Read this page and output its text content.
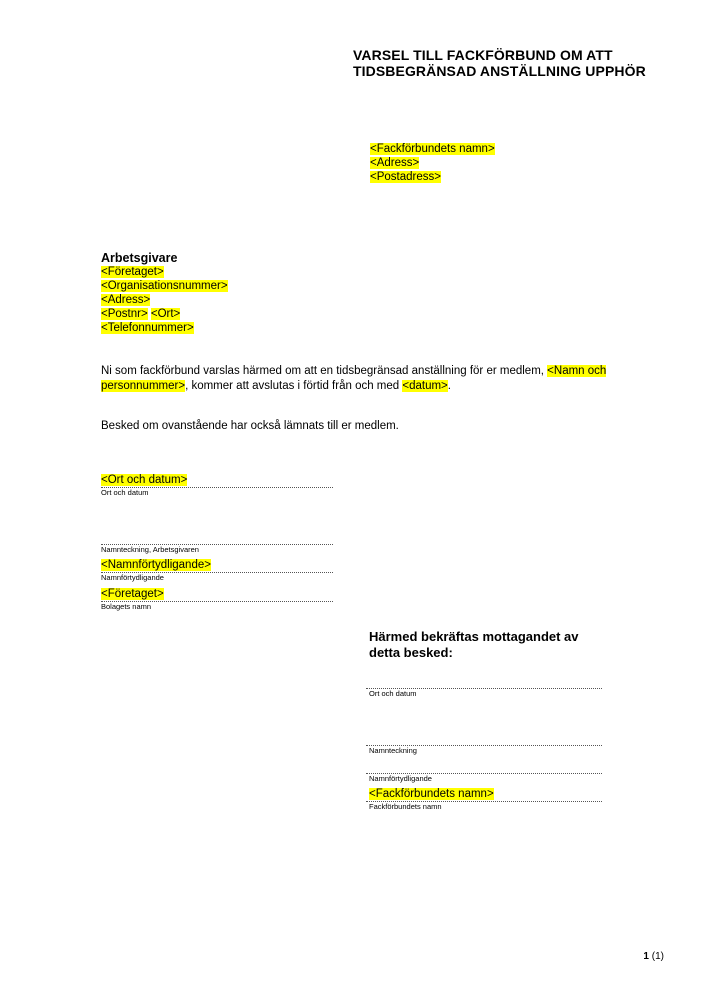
VARSEL TILL FACKFÖRBUND OM ATT
TIDSBEGRÄNSAD ANSTÄLLNING UPPHÖR
<Fackförbundets namn>
<Adress>
<Postadress>
Arbetsgivare
<Företaget>
<Organisationsnummer>
<Adress>
<Postnr> <Ort>
<Telefonnummer>
Ni som fackförbund varslas härmed om att en tidsbegränsad anställning för er medlem, <Namn och personnummer>, kommer att avslutas i förtid från och med <datum>.
Besked om ovanstående har också lämnats till er medlem.
<Ort och datum>
Ort och datum
Namnteckning, Arbetsgivaren
<Namnförtydligande>
Namnförtydligande
<Företaget>
Bolagets namn
Härmed bekräftas mottagandet av
detta besked:
Ort och datum
Namnteckning
Namnförtydligande
<Fackförbundets namn>
Fackförbundets namn
1 (1)
